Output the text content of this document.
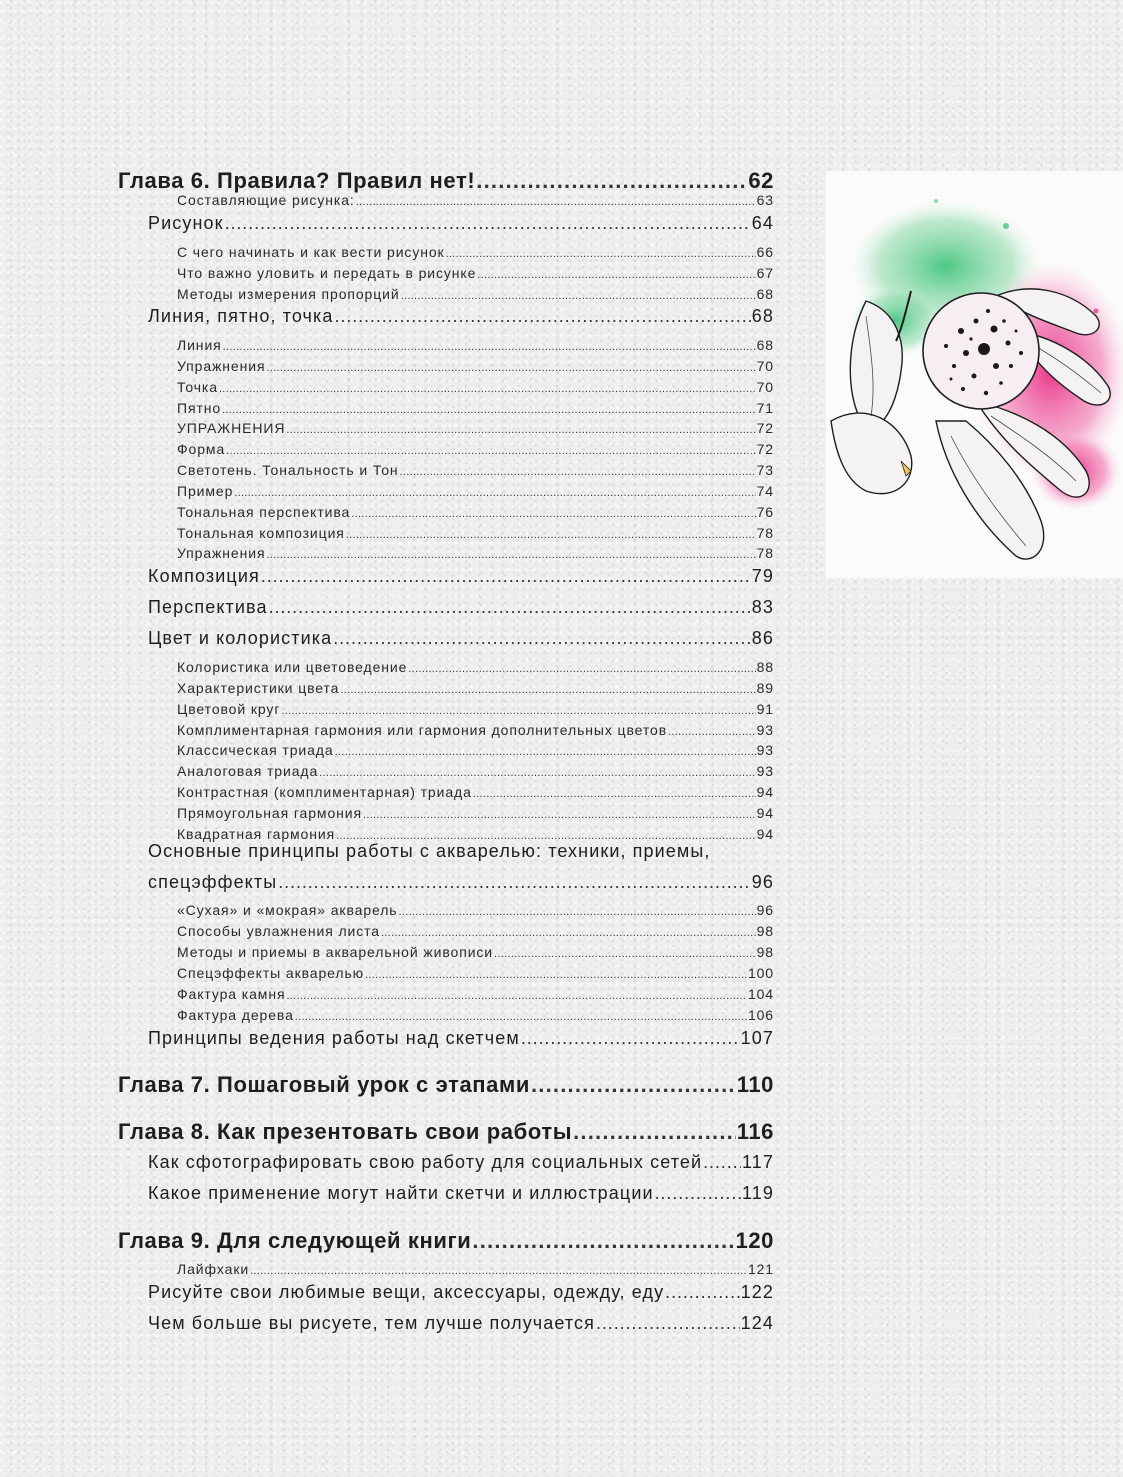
Глава 6. Правила? Правил нет! .....	62
Составляющие рисунка: .....	63
Рисунок .....	64
С чего начинать и как вести рисунок .....	66
Что важно уловить и передать в рисунке .....	67
Методы измерения пропорций .....	68
Линия, пятно, точка .....	68
Линия .....	68
Упражнения .....	70
Точка .....	70
Пятно .....	71
УПРАЖНЕНИЯ .....	72
Форма .....	72
Светотень. Тональность и Тон .....	73
Пример .....	74
Тональная перспектива .....	76
Тональная композиция .....	78
Упражнения .....	78
Композиция .....	79
Перспектива .....	83
Цвет и колористика .....	86
Колористика или цветоведение .....	88
Характеристики цвета .....	89
Цветовой круг .....	91
Комплиментарная гармония или гармония дополнительных цветов .....	93
Классическая триада .....	93
Аналоговая триада .....	93
Контрастная (комплиментарная) триада .....	94
Прямоугольная гармония .....	94
Квадратная гармония .....	94
Основные принципы работы с акварелью: техники, приемы,
спецэффекты .....	96
«Сухая» и «мокрая» акварель .....	96
Способы увлажнения листа .....	98
Методы и приемы в акварельной живописи .....	98
Спецэффекты акварелью .....	100
Фактура камня .....	104
Фактура дерева .....	106
Принципы ведения работы над скетчем .....	107
Глава 7. Пошаговый урок с этапами .....	110
Глава 8. Как презентовать свои работы .....	116
Как сфотографировать свою работу для социальных сетей ..... 117
Какое применение могут найти скетчи и иллюстрации .....	119
Глава 9. Для следующей книги .....	120
Лайфхаки .....	121
Рисуйте свои любимые вещи, аксессуары, одежду, еду .....	122
Чем больше вы рисуете, тем лучше получается .....	124
